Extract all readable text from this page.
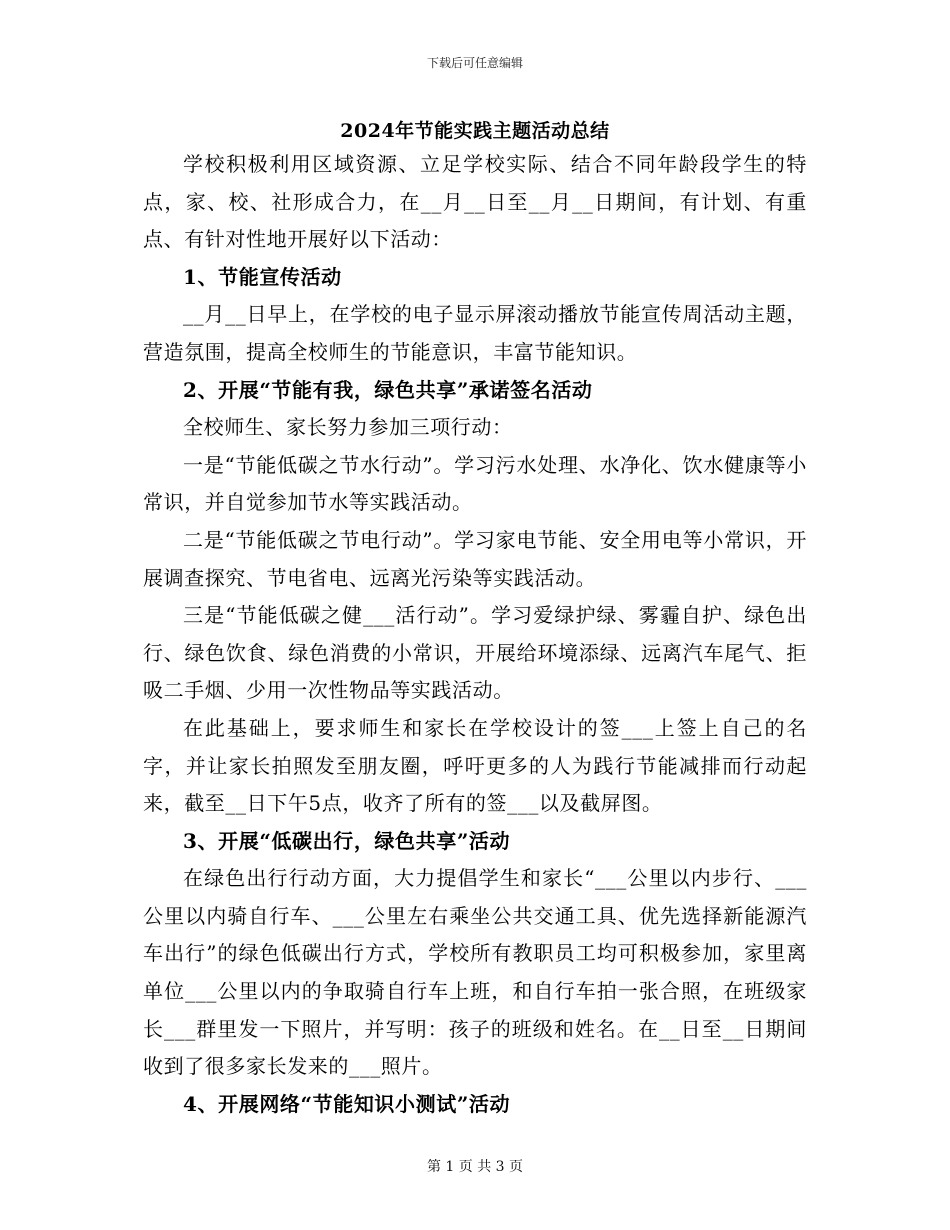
下载后可任意编辑
2024年节能实践主题活动总结

学校积极利用区域资源、立足学校实际、结合不同年龄段学生的特点，家、校、社形成合力，在__月__日至__月__日期间，有计划、有重点、有针对性地开展好以下活动：

1、节能宣传活动

__月__日早上，在学校的电子显示屏滚动播放节能宣传周活动主题，营造氛围，提高全校师生的节能意识，丰富节能知识。

2、开展“节能有我，绿色共享”承诺签名活动

全校师生、家长努力参加三项行动：

一是“节能低碳之节水行动”。学习污水处理、水净化、饮水健康等小常识，并自觉参加节水等实践活动。

二是“节能低碳之节电行动”。学习家电节能、安全用电等小常识，开展调查探究、节电省电、远离光污染等实践活动。

三是“节能低碳之健___活行动”。学习爱绿护绿、雾霾自护、绿色出行、绿色饮食、绿色消费的小常识，开展给环境添绿、远离汽车尾气、拒吸二手烟、少用一次性物品等实践活动。

在此基础上，要求师生和家长在学校设计的签___上签上自己的名字，并让家长拍照发至朋友圈，呼吁更多的人为践行节能减排而行动起来，截至__日下午5点，收齐了所有的签___以及截屏图。

3、开展“低碳出行，绿色共享”活动

在绿色出行行动方面，大力提倡学生和家长“___公里以内步行、___公里以内骑自行车、___公里左右乘坐公共交通工具、优先选择新能源汽车出行”的绿色低碳出行方式，学校所有教职员工均可积极参加，家里离单位___公里以内的争取骑自行车上班，和自行车拍一张合照，在班级家长___群里发一下照片，并写明：孩子的班级和姓名。在__日至__日期间收到了很多家长发来的___照片。

4、开展网络“节能知识小测试”活动

第 1 页 共 3 页
